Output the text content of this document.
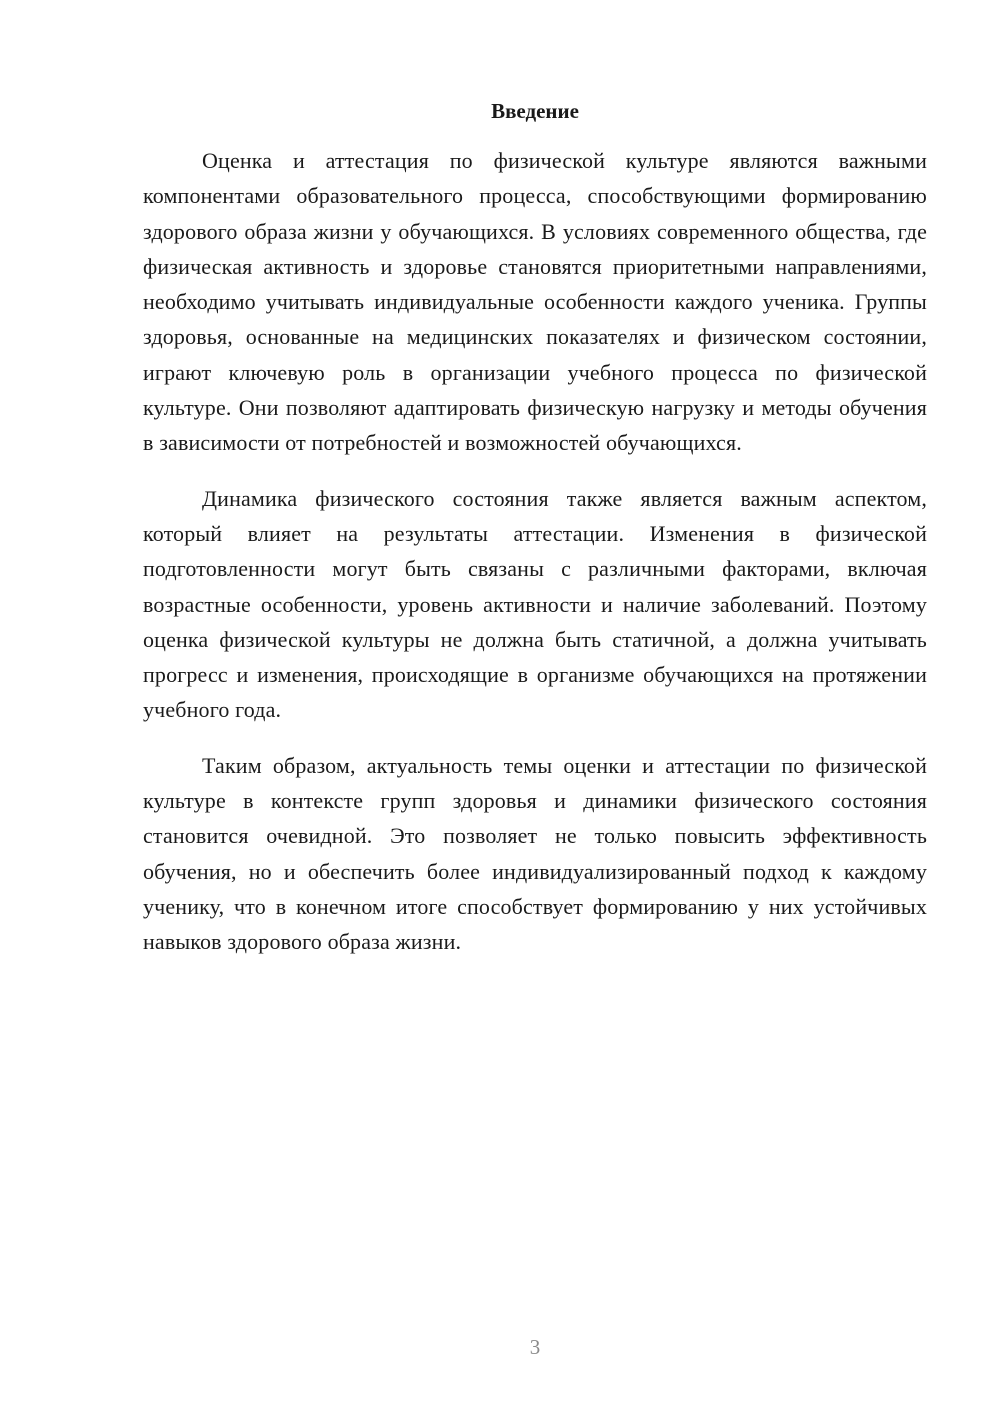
Введение

Оценка и аттестация по физической культуре являются важными компонентами образовательного процесса, способствующими формированию здорового образа жизни у обучающихся. В условиях современного общества, где физическая активность и здоровье становятся приоритетными направлениями, необходимо учитывать индивидуальные особенности каждого ученика. Группы здоровья, основанные на медицинских показателях и физическом состоянии, играют ключевую роль в организации учебного процесса по физической культуре. Они позволяют адаптировать физическую нагрузку и методы обучения в зависимости от потребностей и возможностей обучающихся.

Динамика физического состояния также является важным аспектом, который влияет на результаты аттестации. Изменения в физической подготовленности могут быть связаны с различными факторами, включая возрастные особенности, уровень активности и наличие заболеваний. Поэтому оценка физической культуры не должна быть статичной, а должна учитывать прогресс и изменения, происходящие в организме обучающихся на протяжении учебного года.

Таким образом, актуальность темы оценки и аттестации по физической культуре в контексте групп здоровья и динамики физического состояния становится очевидной. Это позволяет не только повысить эффективность обучения, но и обеспечить более индивидуализированный подход к каждому ученику, что в конечном итоге способствует формированию у них устойчивых навыков здорового образа жизни.

3
